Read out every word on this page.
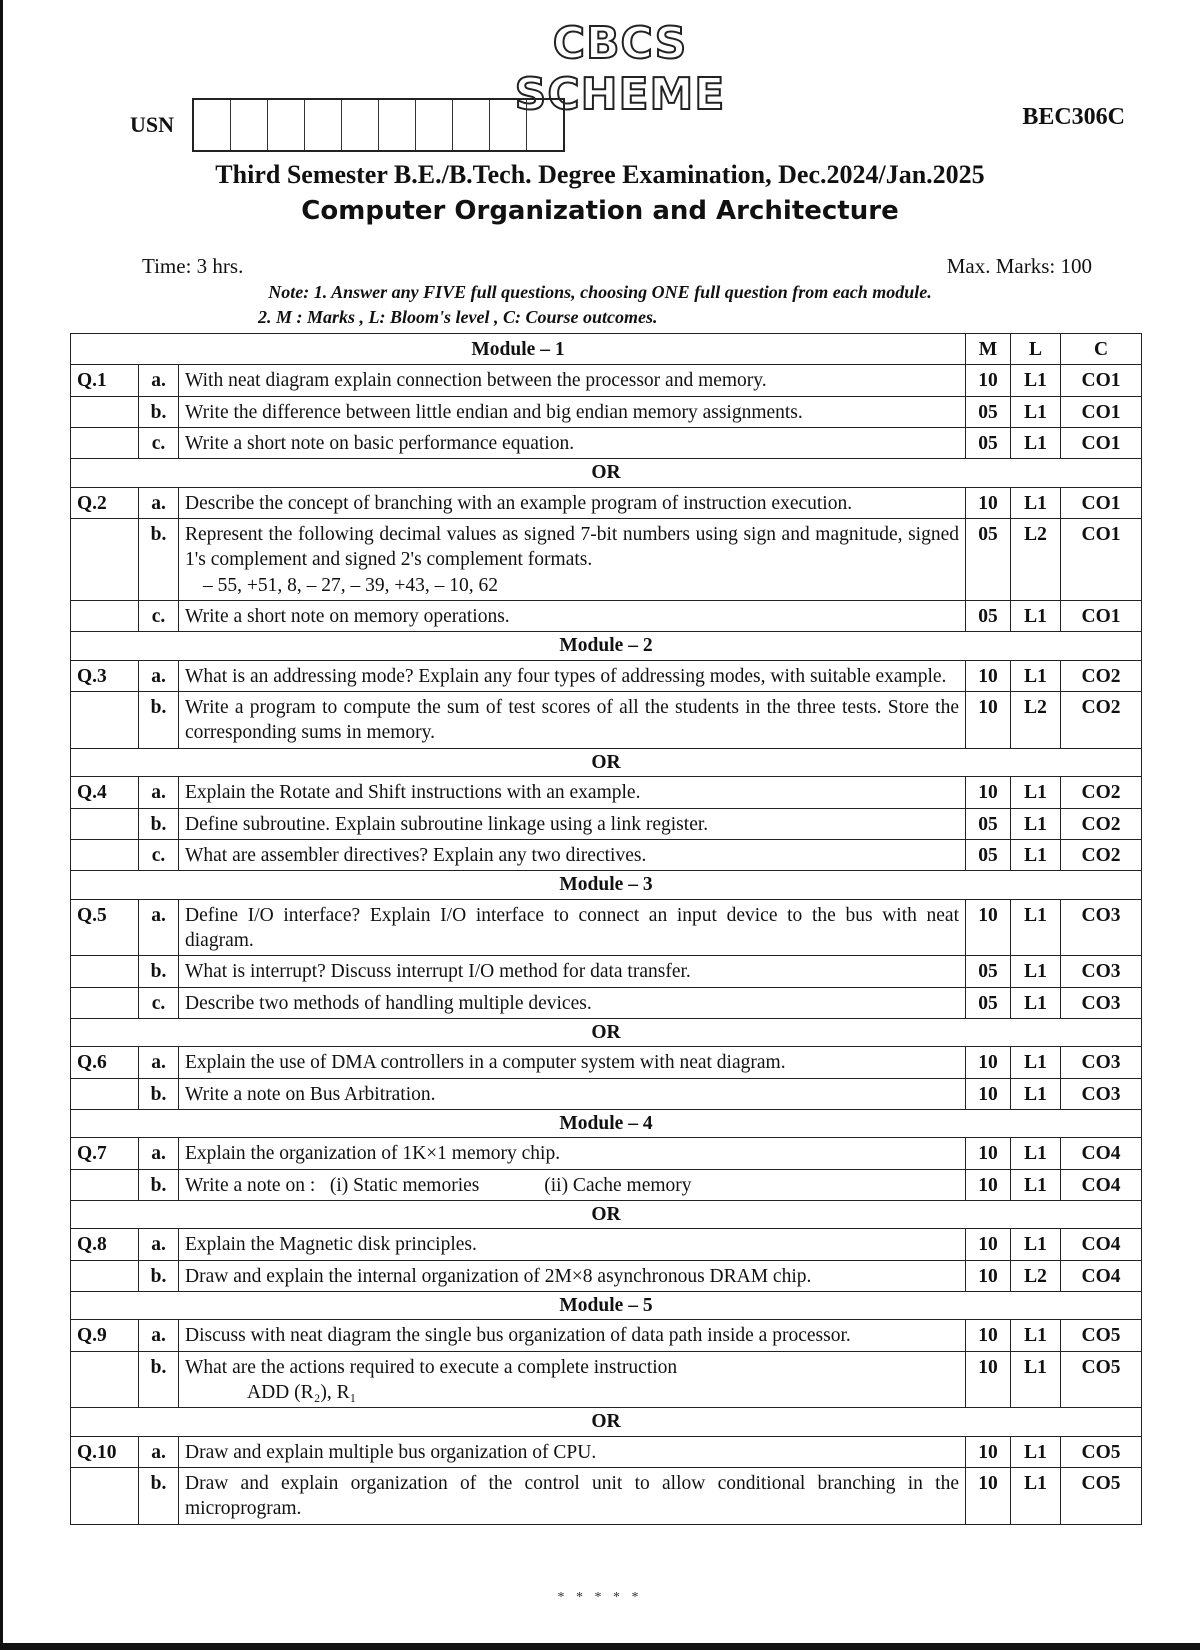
CBCS SCHEME
USN	BEC306C
Third Semester B.E./B.Tech. Degree Examination, Dec.2024/Jan.2025
Computer Organization and Architecture
Time: 3 hrs.	Max. Marks: 100
Note: 1. Answer any FIVE full questions, choosing ONE full question from each module.
2. M : Marks , L: Bloom's level , C: Course outcomes.
Module – 1			M	L	C
Q.1	a.	With neat diagram explain connection between the processor and memory.	10	L1	CO1
	b.	Write the difference between little endian and big endian memory assignments.	05	L1	CO1
	c.	Write a short note on basic performance equation.	05	L1	CO1
OR					
Q.2	a.	Describe the concept of branching with an example program of instruction execution.	10	L1	CO1
	b.	Represent the following decimal values as signed 7-bit numbers using sign and magnitude, signed 1's complement and signed 2's complement formats.
– 55, +51, 8, – 27, – 39, +43, – 10, 62	05	L2	CO1
	c.	Write a short note on memory operations.	05	L1	CO1
Module – 2					
Q.3	a.	What is an addressing mode? Explain any four types of addressing modes, with suitable example.	10	L1	CO2
	b.	Write a program to compute the sum of test scores of all the students in the three tests. Store the corresponding sums in memory.	10	L2	CO2
OR					
Q.4	a.	Explain the Rotate and Shift instructions with an example.	10	L1	CO2
	b.	Define subroutine. Explain subroutine linkage using a link register.	05	L1	CO2
	c.	What are assembler directives? Explain any two directives.	05	L1	CO2
Module – 3					
Q.5	a.	Define I/O interface? Explain I/O interface to connect an input device to the bus with neat diagram.	10	L1	CO3
	b.	What is interrupt? Discuss interrupt I/O method for data transfer.	05	L1	CO3
	c.	Describe two methods of handling multiple devices.	05	L1	CO3
OR					
Q.6	a.	Explain the use of DMA controllers in a computer system with neat diagram.	10	L1	CO3
	b.	Write a note on Bus Arbitration.	10	L1	CO3
Module – 4					
Q.7	a.	Explain the organization of 1K×1 memory chip.	10	L1	CO4
	b.	Write a note on : (i) Static memories (ii) Cache memory	10	L1	CO4
OR					
Q.8	a.	Explain the Magnetic disk principles.	10	L1	CO4
	b.	Draw and explain the internal organization of 2M×8 asynchronous DRAM chip.	10	L2	CO4
Module – 5					
Q.9	a.	Discuss with neat diagram the single bus organization of data path inside a processor.	10	L1	CO5
	b.	What are the actions required to execute a complete instruction
ADD (R₂), R₁	10	L1	CO5
OR					
Q.10	a.	Draw and explain multiple bus organization of CPU.	10	L1	CO5
	b.	Draw and explain organization of the control unit to allow conditional branching in the microprogram.	10	L1	CO5
* * * * *
